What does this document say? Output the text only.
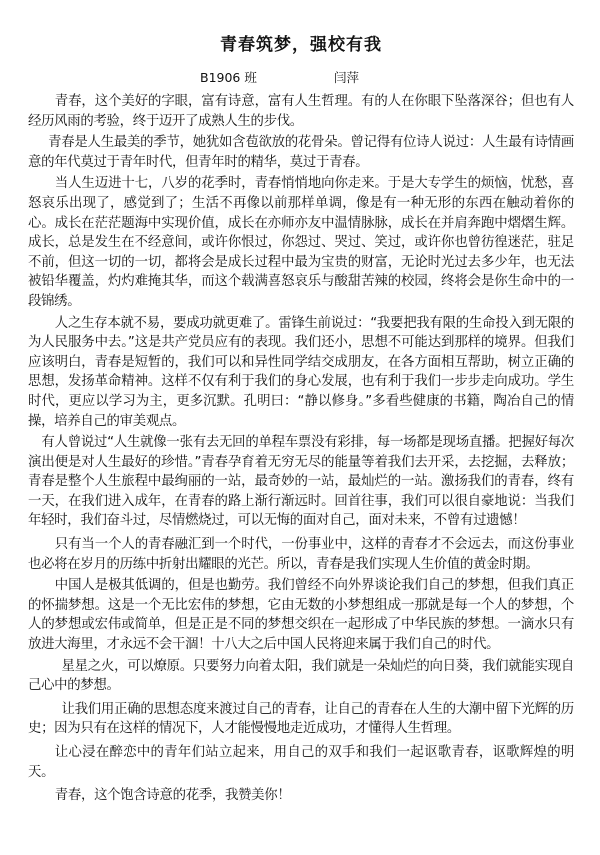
青春筑梦，强校有我
B1906 班	闫萍

青春，这个美好的字眼，富有诗意，富有人生哲理。有的人在你眼下坠落深谷；但也有人经历风雨的考验，终于迈开了成熟人生的步伐。

青春是人生最美的季节，她犹如含苞欲放的花骨朵。曾记得有位诗人说过：人生最有诗情画意的年代莫过于青年时代，但青年时的精华，莫过于青春。

当人生迈进十七，八岁的花季时，青春悄悄地向你走来。于是大专学生的烦恼，忧愁，喜怒哀乐出现了，感觉到了；生活不再像以前那样单调，像是有一种无形的东西在触动着你的心。成长在茫茫题海中实现价值，成长在亦师亦友中温情脉脉，成长在并肩奔跑中熠熠生辉。成长，总是发生在不经意间，或许你恨过，你怨过、哭过、笑过，或许你也曾彷徨迷茫，驻足不前，但这一切的一切，都将会是成长过程中最为宝贵的财富，无论时光过去多少年，也无法被铅华覆盖，灼灼难掩其华，而这个载满喜怒哀乐与酸甜苦辣的校园，终将会是你生命中的一段锦绣。

人之生存本就不易，要成功就更难了。雷锋生前说过：“我要把我有限的生命投入到无限的为人民服务中去。”这是共产党员应有的表现。我们还小，思想不可能达到那样的境界。但我们应该明白，青春是短暂的，我们可以和异性同学结交成朋友，在各方面相互帮助，树立正确的思想，发扬革命精神。这样不仅有利于我们的身心发展，也有利于我们一步步走向成功。学生时代，更应以学习为主，更多沉默。孔明曰：“静以修身。”多看些健康的书籍，陶冶自己的情操，培养自己的审美观点。

有人曾说过“人生就像一张有去无回的单程车票没有彩排，每一场都是现场直播。把握好每次演出便是对人生最好的珍惜。”青春孕育着无穷无尽的能量等着我们去开采，去挖掘，去释放；青春是整个人生旅程中最绚丽的一站，最奇妙的一站，最灿烂的一站。激扬我们的青春，终有一天，在我们进入成年，在青春的路上渐行渐远时。回首往事，我们可以很自豪地说：当我们年轻时，我们奋斗过，尽情燃烧过，可以无悔的面对自己，面对未来，不曾有过遗憾！

只有当一个人的青春融汇到一个时代，一份事业中，这样的青春才不会远去，而这份事业也必将在岁月的历练中折射出耀眼的光芒。所以，青春是我们实现人生价值的黄金时期。

中国人是极其低调的，但是也勤劳。我们曾经不向外界谈论我们自己的梦想，但我们真正的怀揣梦想。这是一个无比宏伟的梦想，它由无数的小梦想组成一那就是每一个人的梦想，个人的梦想或宏伟或简单，但是正是不同的梦想交织在一起形成了中华民族的梦想。一滴水只有放进大海里，才永远不会干涸！十八大之后中国人民将迎来属于我们自己的时代。

星星之火，可以燎原。只要努力向着太阳，我们就是一朵灿烂的向日葵，我们就能实现自己心中的梦想。

让我们用正确的思想态度来渡过自己的青春，让自己的青春在人生的大潮中留下光辉的历史；因为只有在这样的情况下，人才能慢慢地走近成功，才懂得人生哲理。

让心浸在醉恋中的青年们站立起来，用自己的双手和我们一起讴歌青春，讴歌辉煌的明天。

青春，这个饱含诗意的花季，我赞美你！
